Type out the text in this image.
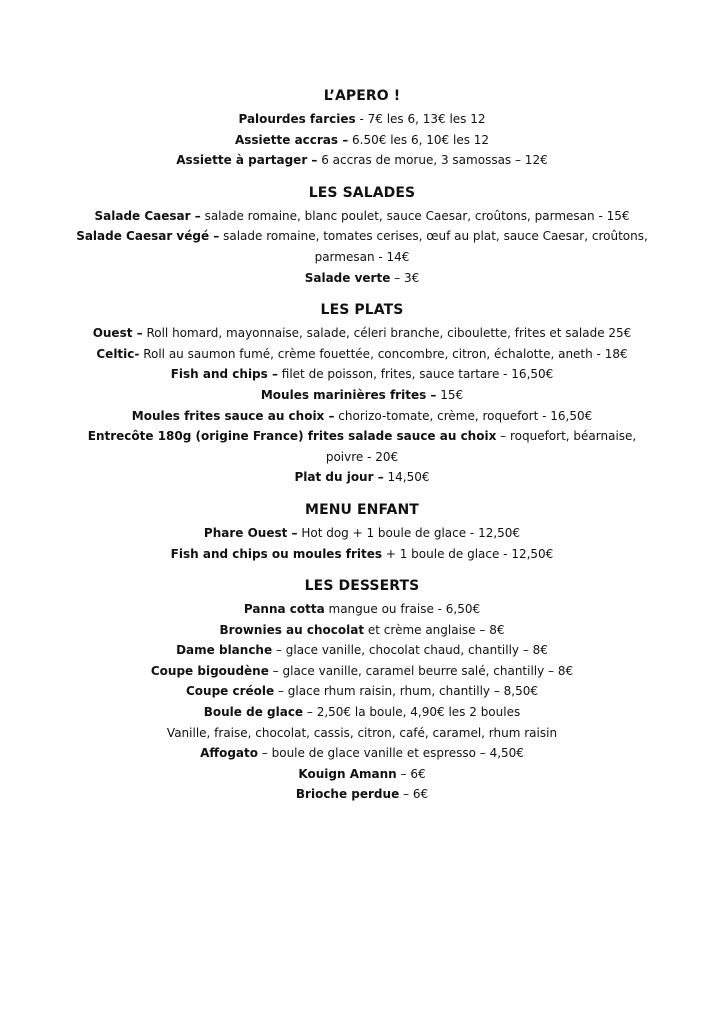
L’APERO !

Palourdes farcies - 7€ les 6, 13€ les 12

Assiette accras – 6.50€ les 6, 10€ les 12

Assiette à partager – 6 accras de morue, 3 samossas – 12€

LES SALADES

Salade Caesar – salade romaine, blanc poulet, sauce Caesar, croûtons, parmesan - 15€

Salade Caesar végé – salade romaine, tomates cerises, œuf au plat, sauce Caesar, croûtons, parmesan - 14€

Salade verte – 3€

LES PLATS

Ouest – Roll homard, mayonnaise, salade, céleri branche, ciboulette, frites et salade 25€

Celtic- Roll au saumon fumé, crème fouettée, concombre, citron, échalotte, aneth - 18€

Fish and chips – filet de poisson, frites, sauce tartare - 16,50€

Moules marinières frites – 15€

Moules frites sauce au choix – chorizo-tomate, crème, roquefort - 16,50€

Entrecôte 180g (origine France) frites salade sauce au choix – roquefort, béarnaise, poivre - 20€

Plat du jour – 14,50€

MENU ENFANT

Phare Ouest – Hot dog + 1 boule de glace - 12,50€

Fish and chips ou moules frites + 1 boule de glace - 12,50€

LES DESSERTS

Panna cotta mangue ou fraise - 6,50€

Brownies au chocolat et crème anglaise – 8€

Dame blanche – glace vanille, chocolat chaud, chantilly – 8€

Coupe bigoudène – glace vanille, caramel beurre salé, chantilly – 8€

Coupe créole – glace rhum raisin, rhum, chantilly – 8,50€

Boule de glace – 2,50€ la boule, 4,90€ les 2 boules

Vanille, fraise, chocolat, cassis, citron, café, caramel, rhum raisin

Affogato – boule de glace vanille et espresso – 4,50€

Kouign Amann – 6€

Brioche perdue – 6€
